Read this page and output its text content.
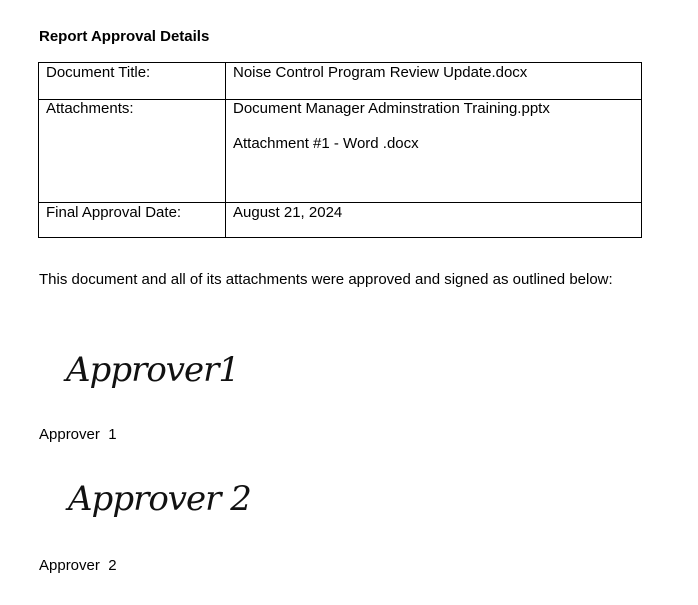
Report Approval Details
Document Title:	Noise Control Program Review Update.docx
Attachments:	Document Manager Adminstration Training.pptx
Attachment #1 - Word .docx

Final Approval Date:	August 21, 2024
This document and all of its attachments were approved and signed as outlined below:
Approver1
Approver  1
Approver 2
Approver  2
